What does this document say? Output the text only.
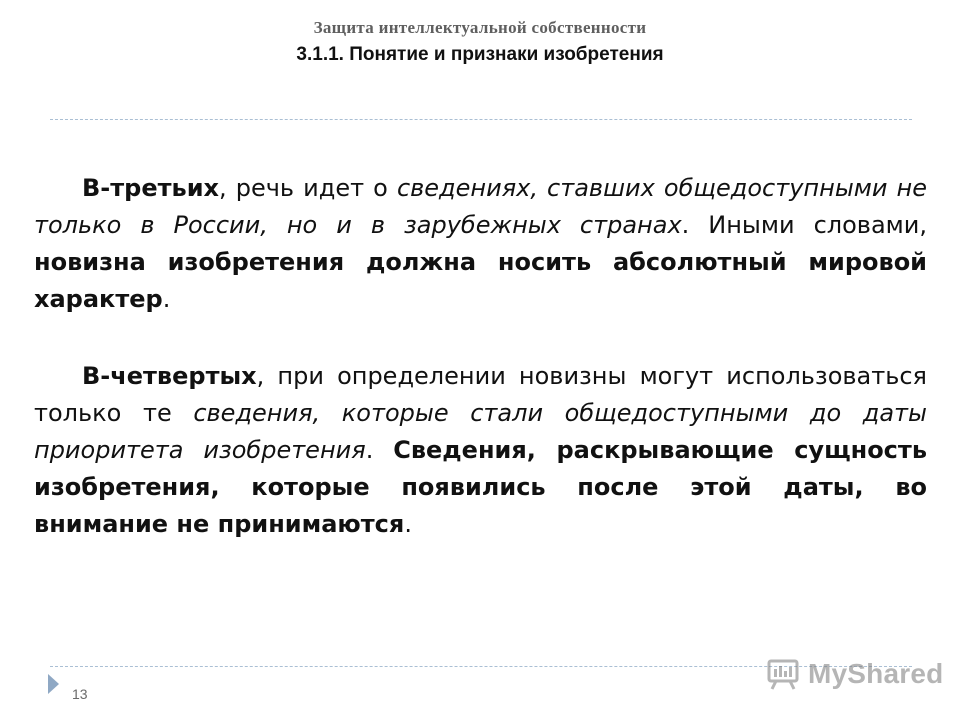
Защита интеллектуальной собственности
3.1.1. Понятие и признаки изобретения

В-третьих, речь идет о сведениях, ставших общедоступными не только в России, но и в зарубежных странах. Иными словами, новизна изобретения должна носить абсолютный мировой характер.

В-четвертых, при определении новизны могут использоваться только те сведения, которые стали общедоступными до даты приоритета изобретения. Сведения, раскрывающие сущность изобретения, которые появились после этой даты, во внимание не принимаются.

13
MyShared
